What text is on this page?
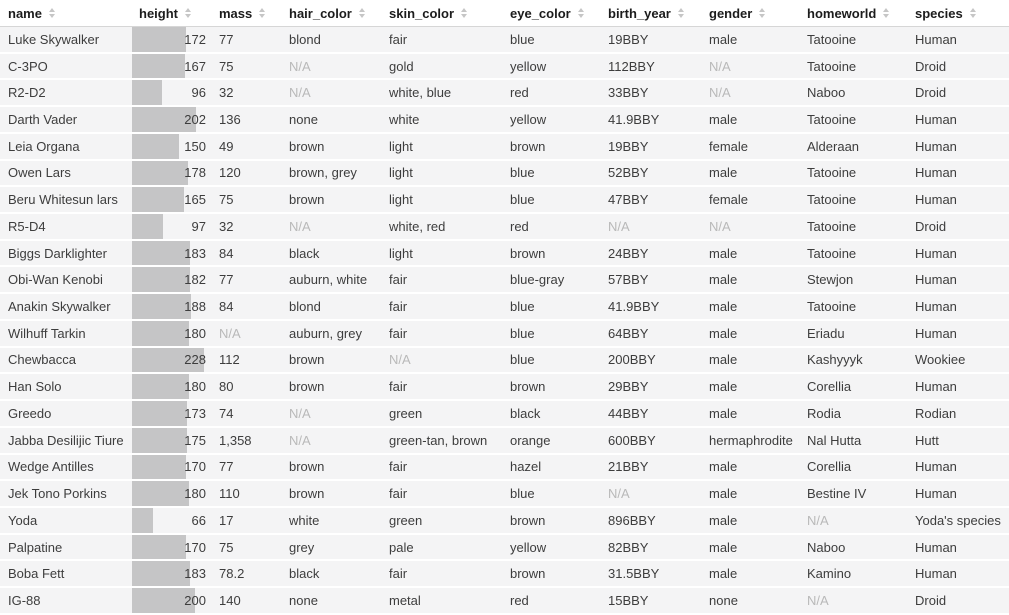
name	height	mass	hair_color	skin_color	eye_color	birth_year	gender	homeworld	species

Luke Skywalker	172	77	blond	fair	blue	19BBY	male	Tatooine	Human
C-3PO	167	75	N/A	gold	yellow	112BBY	N/A	Tatooine	Droid
R2-D2	96	32	N/A	white, blue	red	33BBY	N/A	Naboo	Droid
Darth Vader	202	136	none	white	yellow	41.9BBY	male	Tatooine	Human
Leia Organa	150	49	brown	light	brown	19BBY	female	Alderaan	Human
Owen Lars	178	120	brown, grey	light	blue	52BBY	male	Tatooine	Human
Beru Whitesun lars	165	75	brown	light	blue	47BBY	female	Tatooine	Human
R5-D4	97	32	N/A	white, red	red	N/A	N/A	Tatooine	Droid
Biggs Darklighter	183	84	black	light	brown	24BBY	male	Tatooine	Human
Obi-Wan Kenobi	182	77	auburn, white	fair	blue-gray	57BBY	male	Stewjon	Human
Anakin Skywalker	188	84	blond	fair	blue	41.9BBY	male	Tatooine	Human
Wilhuff Tarkin	180	N/A	auburn, grey	fair	blue	64BBY	male	Eriadu	Human
Chewbacca	228	112	brown	N/A	blue	200BBY	male	Kashyyyk	Wookiee
Han Solo	180	80	brown	fair	brown	29BBY	male	Corellia	Human
Greedo	173	74	N/A	green	black	44BBY	male	Rodia	Rodian
Jabba Desilijic Tiure	175	1,358	N/A	green-tan, brown	orange	600BBY	hermaphrodite	Nal Hutta	Hutt
Wedge Antilles	170	77	brown	fair	hazel	21BBY	male	Corellia	Human
Jek Tono Porkins	180	110	brown	fair	blue	N/A	male	Bestine IV	Human
Yoda	66	17	white	green	brown	896BBY	male	N/A	Yoda's species
Palpatine	170	75	grey	pale	yellow	82BBY	male	Naboo	Human
Boba Fett	183	78.2	black	fair	brown	31.5BBY	male	Kamino	Human
IG-88	200	140	none	metal	red	15BBY	none	N/A	Droid
